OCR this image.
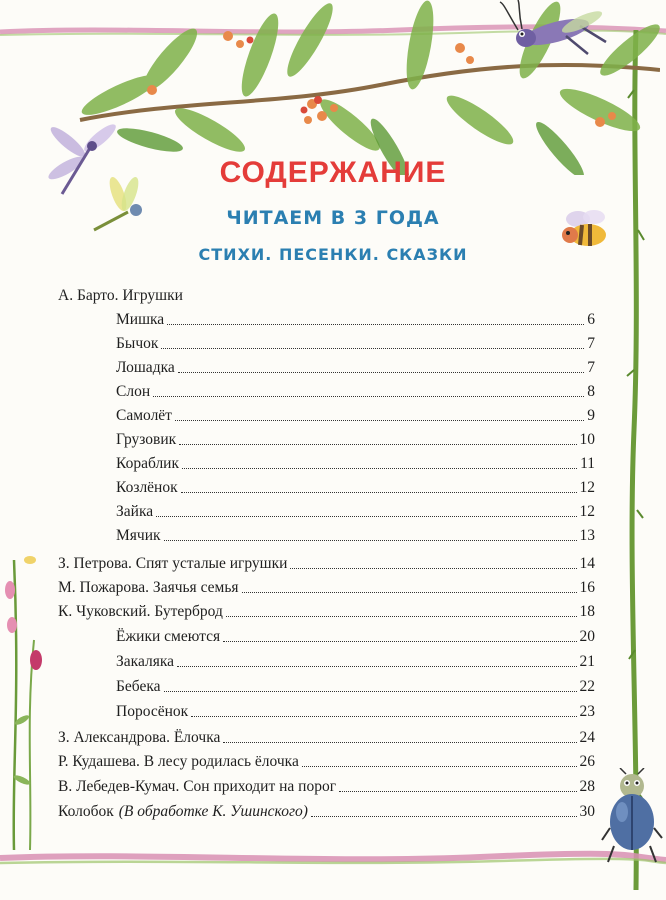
СОДЕРЖАНИЕ
ЧИТАЕМ В 3 ГОДА
СТИХИ. ПЕСЕНКИ. СКАЗКИ
А. Барто. Игрушки
Мишка	6
Бычок	7
Лошадка	7
Слон	8
Самолёт	9
Грузовик	10
Кораблик	11
Козлёнок	12
Зайка	12
Мячик	13
З. Петрова. Спят усталые игрушки	14
М. Пожарова. Заячья семья	16
К. Чуковский. Бутерброд	18
Ёжики смеются	20
Закаляка	21
Бебека	22
Поросёнок	23
З. Александрова. Ёлочка	24
Р. Кудашева. В лесу родилась ёлочка	26
В. Лебедев-Кумач. Сон приходит на порог	28
Колобок (В обработке К. Ушинского)	30
